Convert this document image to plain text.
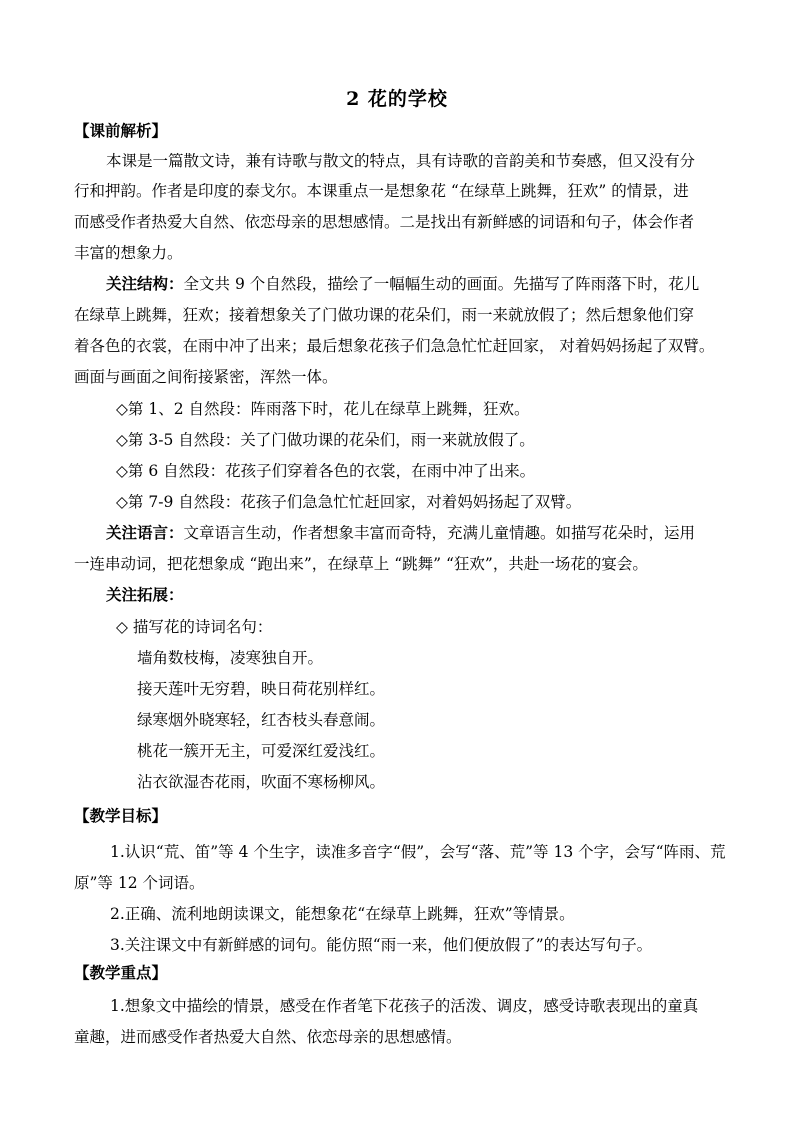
2 花的学校
【课前解析】
本课是一篇散文诗，兼有诗歌与散文的特点，具有诗歌的音韵美和节奏感，但又没有分
行和押韵。作者是印度的泰戈尔。本课重点一是想象花 “在绿草上跳舞，狂欢” 的情景，进
而感受作者热爱大自然、依恋母亲的思想感情。二是找出有新鲜感的词语和句子，体会作者
丰富的想象力。
关注结构：全文共 9 个自然段，描绘了一幅幅生动的画面。先描写了阵雨落下时，花儿
在绿草上跳舞，狂欢；接着想象关了门做功课的花朵们，雨一来就放假了；然后想象他们穿
着各色的衣裳，在雨中冲了出来；最后想象花孩子们急急忙忙赶回家， 对着妈妈扬起了双臂。
画面与画面之间衔接紧密，浑然一体。
◇第 1、2 自然段：阵雨落下时，花儿在绿草上跳舞，狂欢。
◇第 3-5 自然段：关了门做功课的花朵们，雨一来就放假了。
◇第 6 自然段：花孩子们穿着各色的衣裳，在雨中冲了出来。
◇第 7-9 自然段：花孩子们急急忙忙赶回家，对着妈妈扬起了双臂。
关注语言：文章语言生动，作者想象丰富而奇特，充满儿童情趣。如描写花朵时，运用
一连串动词，把花想象成 “跑出来”，在绿草上 “跳舞” “狂欢”，共赴一场花的宴会。
关注拓展：
◇ 描写花的诗词名句：
墙角数枝梅，凌寒独自开。
接天莲叶无穷碧，映日荷花别样红。
绿寒烟外晓寒轻，红杏枝头春意闹。
桃花一簇开无主，可爱深红爱浅红。
沾衣欲湿杏花雨，吹面不寒杨柳风。
【教学目标】
1.认识“荒、笛”等 4 个生字，读准多音字“假”，会写“落、荒”等 13 个字，会写“阵雨、荒
原”等 12 个词语。
2.正确、流利地朗读课文，能想象花“在绿草上跳舞，狂欢”等情景。
3.关注课文中有新鲜感的词句。能仿照“雨一来，他们便放假了”的表达写句子。
【教学重点】
1.想象文中描绘的情景，感受在作者笔下花孩子的活泼、调皮，感受诗歌表现出的童真
童趣，进而感受作者热爱大自然、依恋母亲的思想感情。
